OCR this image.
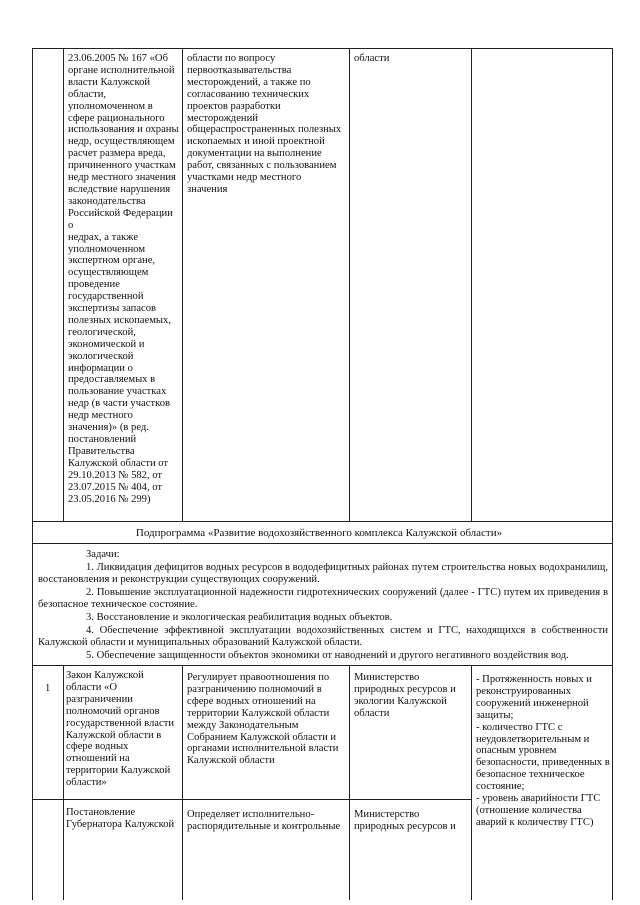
23.06.2005 № 167 «Об
органе исполнительной
власти Калужской
области,
уполномоченном в
сфере рационального
использования и охраны
недр, осуществляющем
расчет размера вреда,
причиненного участкам
недр местного значения
вследствие нарушения
законодательства
Российской Федерации о
недрах, а также
уполномоченном
экспертном органе,
осуществляющем
проведение
государственной
экспертизы запасов
полезных ископаемых,
геологической,
экономической и
экологической
информации о
предоставляемых в
пользование участках
недр (в части участков
недр местного
значения)» (в ред.
постановлений
Правительства
Калужской области от
29.10.2013 № 582, от
23.07.2015 № 404, от
23.05.2016 № 299)
области по вопросу
первоотказывательства
месторождений, а также по
согласованию технических
проектов разработки
месторождений
общераспространенных полезных
ископаемых и иной проектной
документации на выполнение
работ, связанных с пользованием
участками недр местного
значения
области
Подпрограмма «Развитие водохозяйственного комплекса Калужской области»
Задачи:
1. Ликвидация дефицитов водных ресурсов в вододефицитных районах путем строительства новых водохранилищ, восстановления и реконструкции существующих сооружений.
2. Повышение эксплуатационной надежности гидротехнических сооружений (далее - ГТС) путем их приведения в безопасное техническое состояние.
3. Восстановление и экологическая реабилитация водных объектов.
4. Обеспечение эффективной эксплуатации водохозяйственных систем и ГТС, находящихся в собственности Калужской области и муниципальных образований Калужской области.
5. Обеспечение защищенности объектов экономики от наводнений и другого негативного воздействия вод.
1
Закон Калужской
области «О
разграничении
полномочий органов
государственной власти
Калужской области в
сфере водных
отношений на
территории Калужской
области»
Регулирует правоотношения по
разграничению полномочий в
сфере водных отношений на
территории Калужской области
между Законодательным
Собранием Калужской области и
органами исполнительной власти
Калужской области
Министерство
природных ресурсов и
экологии Калужской
области
- Протяженность новых и
реконструированных
сооружений инженерной
защиты;
- количество ГТС с
неудовлетворительным и
опасным уровнем
безопасности, приведенных в
безопасное техническое
состояние;
- уровень аварийности ГТС
(отношение количества
аварий к количеству ГТС)
Постановление
Губернатора Калужской
Определяет исполнительно-
распорядительные и контрольные
Министерство
природных ресурсов и
